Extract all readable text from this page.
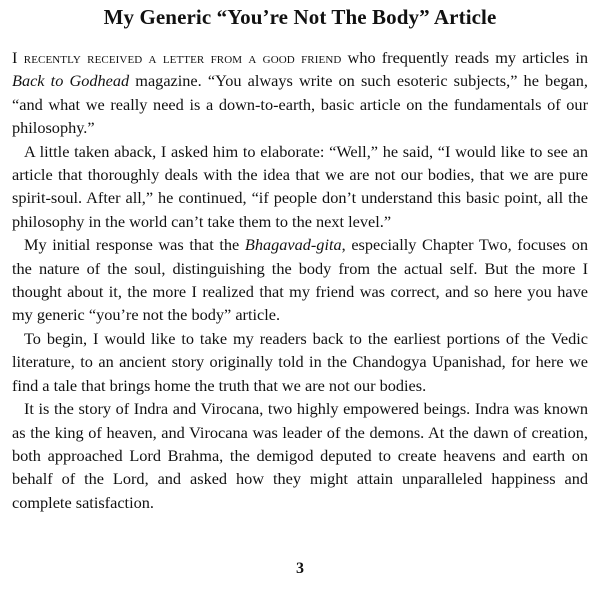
My Generic “You’re Not The Body” Article

I recently received a letter from a good friend who frequently reads my articles in Back to Godhead magazine. “You always write on such esoteric subjects,” he began, “and what we really need is a down-to-earth, basic article on the fundamentals of our philosophy.”

A little taken aback, I asked him to elaborate: “Well,” he said, “I would like to see an article that thoroughly deals with the idea that we are not our bodies, that we are pure spirit-soul. After all,” he continued, “if people don’t understand this basic point, all the philosophy in the world can’t take them to the next level.”

My initial response was that the Bhagavad-gita, especially Chapter Two, focuses on the nature of the soul, distinguishing the body from the actual self. But the more I thought about it, the more I realized that my friend was correct, and so here you have my generic “you’re not the body” article.

To begin, I would like to take my readers back to the earliest portions of the Vedic literature, to an ancient story originally told in the Chandogya Upanishad, for here we find a tale that brings home the truth that we are not our bodies.

It is the story of Indra and Virocana, two highly empowered beings. Indra was known as the king of heaven, and Virocana was leader of the demons. At the dawn of creation, both approached Lord Brahma, the demigod deputed to create heavens and earth on behalf of the Lord, and asked how they might attain unparalleled happiness and complete satisfaction.

3
